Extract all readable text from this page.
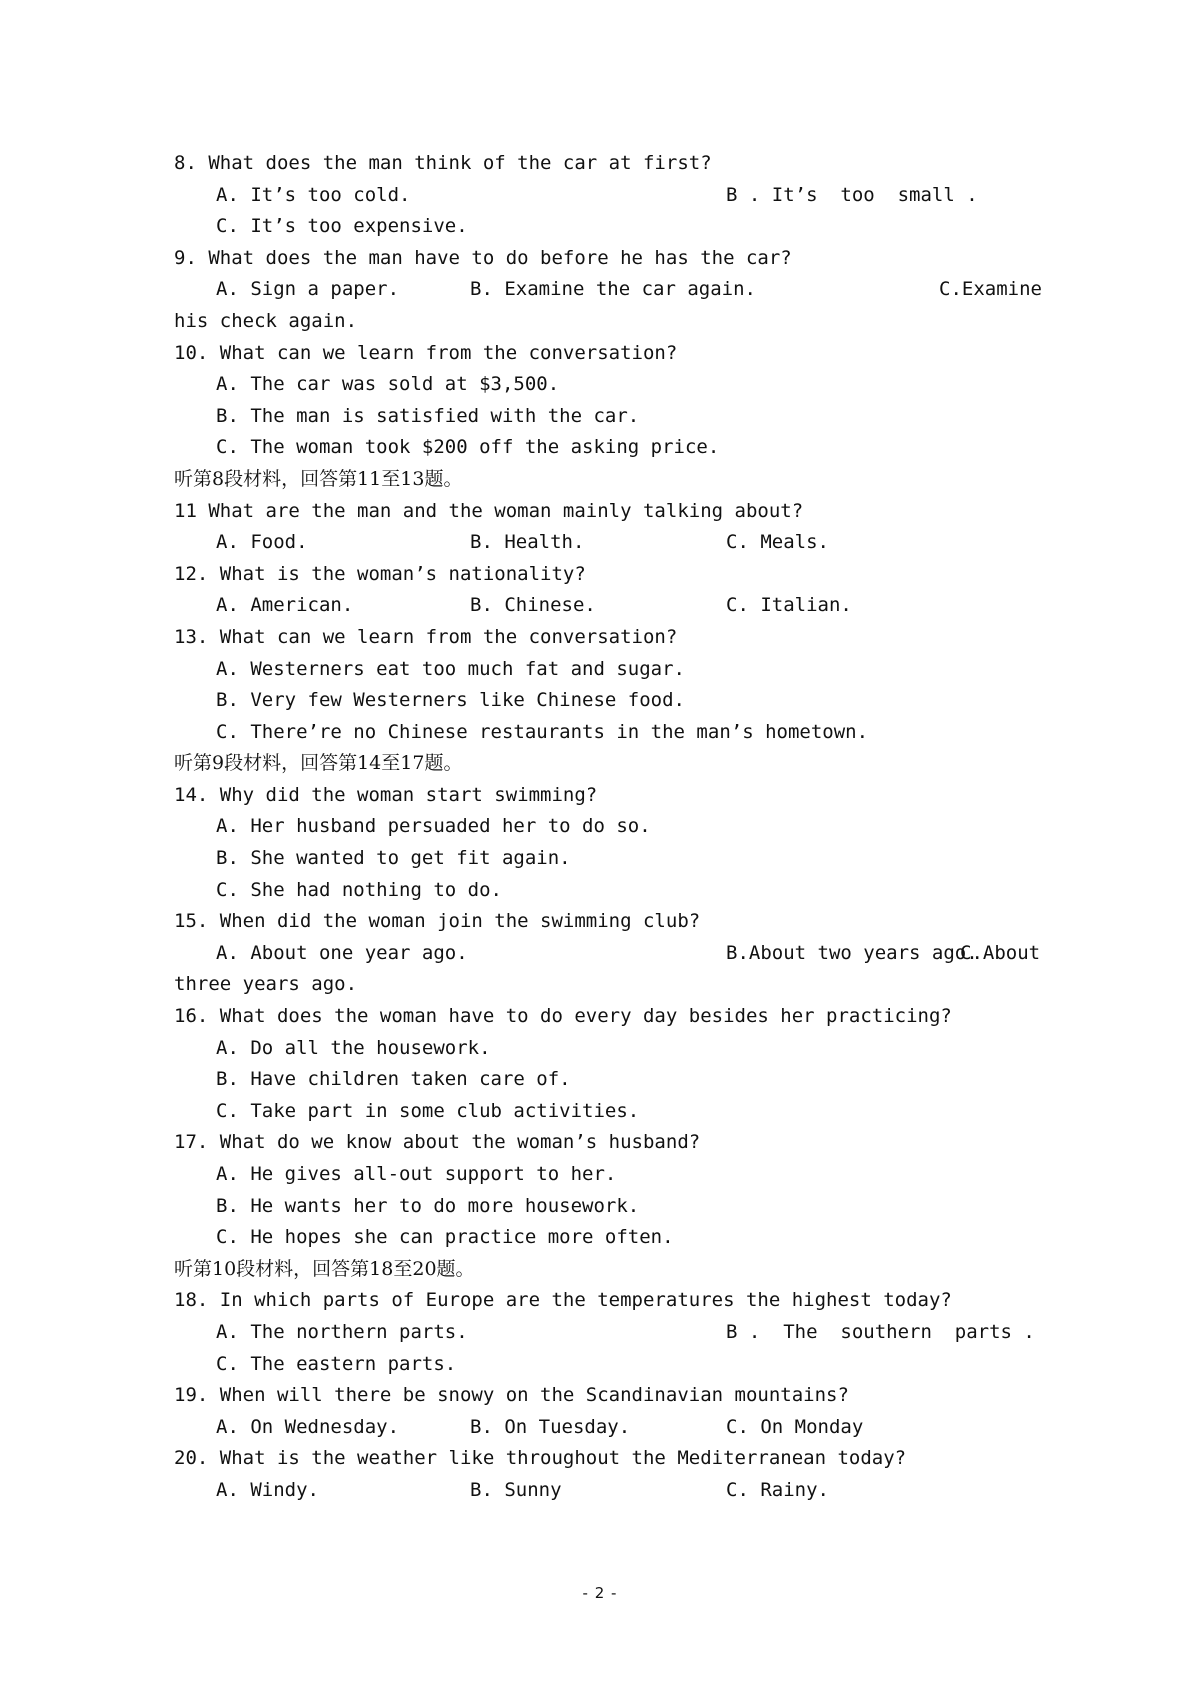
8. What does the man think of the car at first?

A. It’s too cold.

	B . It’s  too  small .

C. It’s too expensive.
9. What does the man have to do before he has the car?

A. Sign a paper.

	B. Examine the car again.

	C.Examine

his check again.
10. What can we learn from the conversation?
A. The car was sold at $3,500.
B. The man is satisfied with the car.
C. The woman took $200 off the asking price.
听第8段材料，回答第11至13题。
11 What are the man and the woman mainly talking about?

A. Food.

	B. Health.

	C. Meals.

12. What is the woman’s nationality?

A. American.

	B. Chinese.

	C. Italian.

13. What can we learn from the conversation?
A. Westerners eat too much fat and sugar.
B. Very few Westerners like Chinese food.
C. There’re no Chinese restaurants in the man’s hometown.
听第9段材料，回答第14至17题。
14. Why did the woman start swimming?
A. Her husband persuaded her to do so.
B. She wanted to get fit again.
C. She had nothing to do.
15. When did the woman join the swimming club?

A. About one year ago.

	B.About two years ago.

C.About

three years ago.
16. What does the woman have to do every day besides her practicing?
A. Do all the housework.
B. Have children taken care of.
C. Take part in some club activities.
17. What do we know about the woman’s husband?
A. He gives all-out support to her.
B. He wants her to do more housework.
C. He hopes she can practice more often.
听第10段材料，回答第18至20题。
18. In which parts of Europe are the temperatures the highest today?

A. The northern parts.

	B .  The  southern  parts .

C. The eastern parts.
19. When will there be snowy on the Scandinavian mountains?

A. On Wednesday.

	B. On Tuesday.

	C. On Monday

20. What is the weather like throughout the Mediterranean today?

A. Windy.

	B. Sunny

	C. Rainy.

- 2 -
